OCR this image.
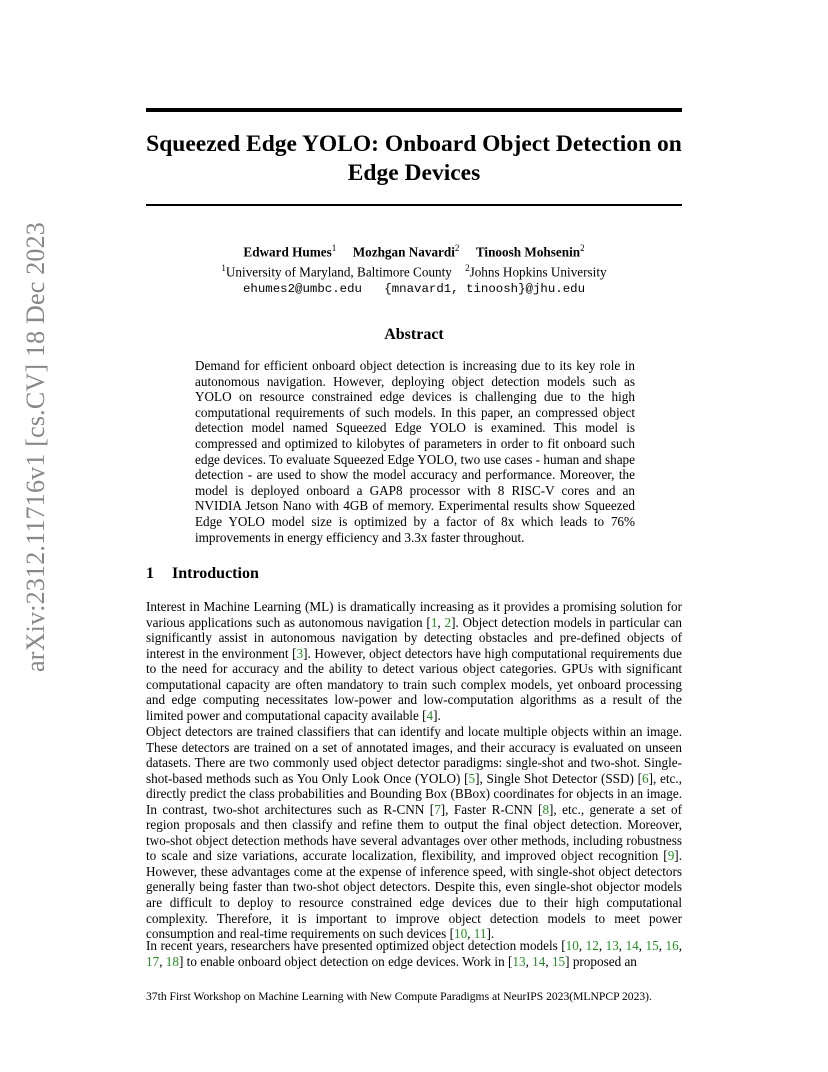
arXiv:2312.11716v1 [cs.CV] 18 Dec 2023
Squeezed Edge YOLO: Onboard Object Detection on Edge Devices
Edward Humes$^1$ Mozhgan Navardi$^2$ Tinoosh Mohsenin$^2$
$^1$University of Maryland, Baltimore County $^2$Johns Hopkins University
ehumes2@umbc.edu {mnavard1, tinoosh}@jhu.edu
Abstract
Demand for efficient onboard object detection is increasing due to its key role in autonomous navigation. However, deploying object detection models such as YOLO on resource constrained edge devices is challenging due to the high computational requirements of such models. In this paper, an compressed object detection model named Squeezed Edge YOLO is examined. This model is compressed and optimized to kilobytes of parameters in order to fit onboard such edge devices. To evaluate Squeezed Edge YOLO, two use cases - human and shape detection - are used to show the model accuracy and performance. Moreover, the model is deployed onboard a GAP8 processor with 8 RISC-V cores and an NVIDIA Jetson Nano with 4GB of memory. Experimental results show Squeezed Edge YOLO model size is optimized by a factor of 8x which leads to 76% improvements in energy efficiency and 3.3x faster throughout.
1 Introduction
Interest in Machine Learning (ML) is dramatically increasing as it provides a promising solution for various applications such as autonomous navigation [1, 2]. Object detection models in particular can significantly assist in autonomous navigation by detecting obstacles and pre-defined objects of interest in the environment [3]. However, object detectors have high computational requirements due to the need for accuracy and the ability to detect various object categories. GPUs with significant computational capacity are often mandatory to train such complex models, yet onboard processing and edge computing necessitates low-power and low-computation algorithms as a result of the limited power and computational capacity available [4].
Object detectors are trained classifiers that can identify and locate multiple objects within an image. These detectors are trained on a set of annotated images, and their accuracy is evaluated on unseen datasets. There are two commonly used object detector paradigms: single-shot and two-shot. Single-shot-based methods such as You Only Look Once (YOLO) [5], Single Shot Detector (SSD) [6], etc., directly predict the class probabilities and Bounding Box (BBox) coordinates for objects in an image. In contrast, two-shot architectures such as R-CNN [7], Faster R-CNN [8], etc., generate a set of region proposals and then classify and refine them to output the final object detection. Moreover, two-shot object detection methods have several advantages over other methods, including robustness to scale and size variations, accurate localization, flexibility, and improved object recognition [9]. However, these advantages come at the expense of inference speed, with single-shot object detectors generally being faster than two-shot object detectors. Despite this, even single-shot objector models are difficult to deploy to resource constrained edge devices due to their high computational complexity. Therefore, it is important to improve object detection models to meet power consumption and real-time requirements on such devices [10, 11].
In recent years, researchers have presented optimized object detection models [10, 12, 13, 14, 15, 16, 17, 18] to enable onboard object detection on edge devices. Work in [13, 14, 15] proposed an
37th First Workshop on Machine Learning with New Compute Paradigms at NeurIPS 2023(MLNPCP 2023).
